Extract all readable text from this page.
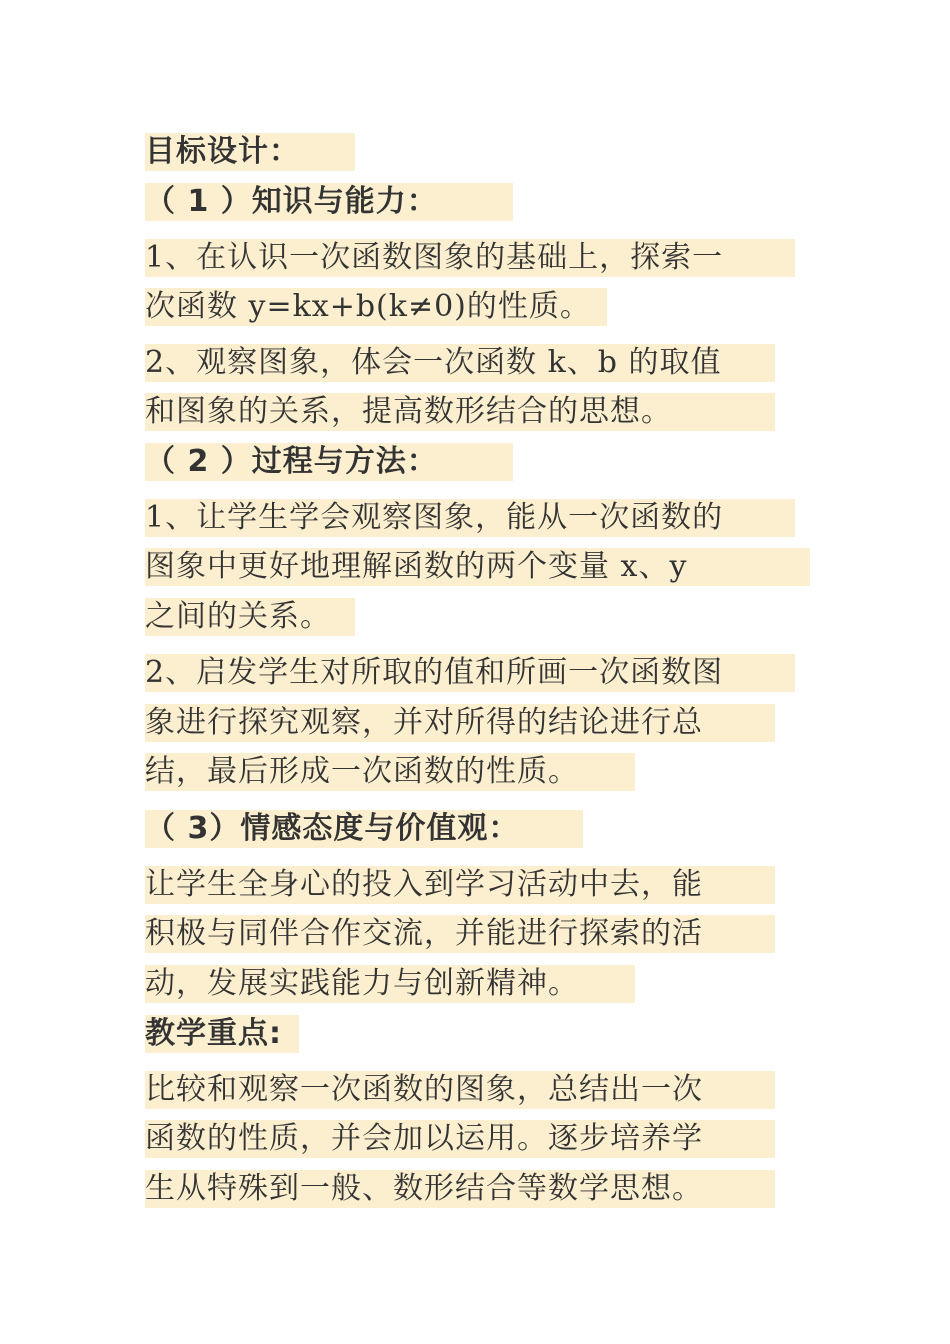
目标设计：
（ 1 ）知识与能力：
1、在认识一次函数图象的基础上，探索一
次函数 y=kx+b(k≠0)的性质。
2、观察图象，体会一次函数 k、b 的取值
和图象的关系，提高数形结合的思想。
（ 2 ）过程与方法：
1、让学生学会观察图象，能从一次函数的
图象中更好地理解函数的两个变量 x、y
之间的关系。
2、启发学生对所取的值和所画一次函数图
象进行探究观察，并对所得的结论进行总
结，最后形成一次函数的性质。
（ 3）情感态度与价值观：
让学生全身心的投入到学习活动中去，能
积极与同伴合作交流，并能进行探索的活
动，发展实践能力与创新精神。
教学重点:
比较和观察一次函数的图象，总结出一次
函数的性质，并会加以运用。逐步培养学
生从特殊到一般、数形结合等数学思想。
